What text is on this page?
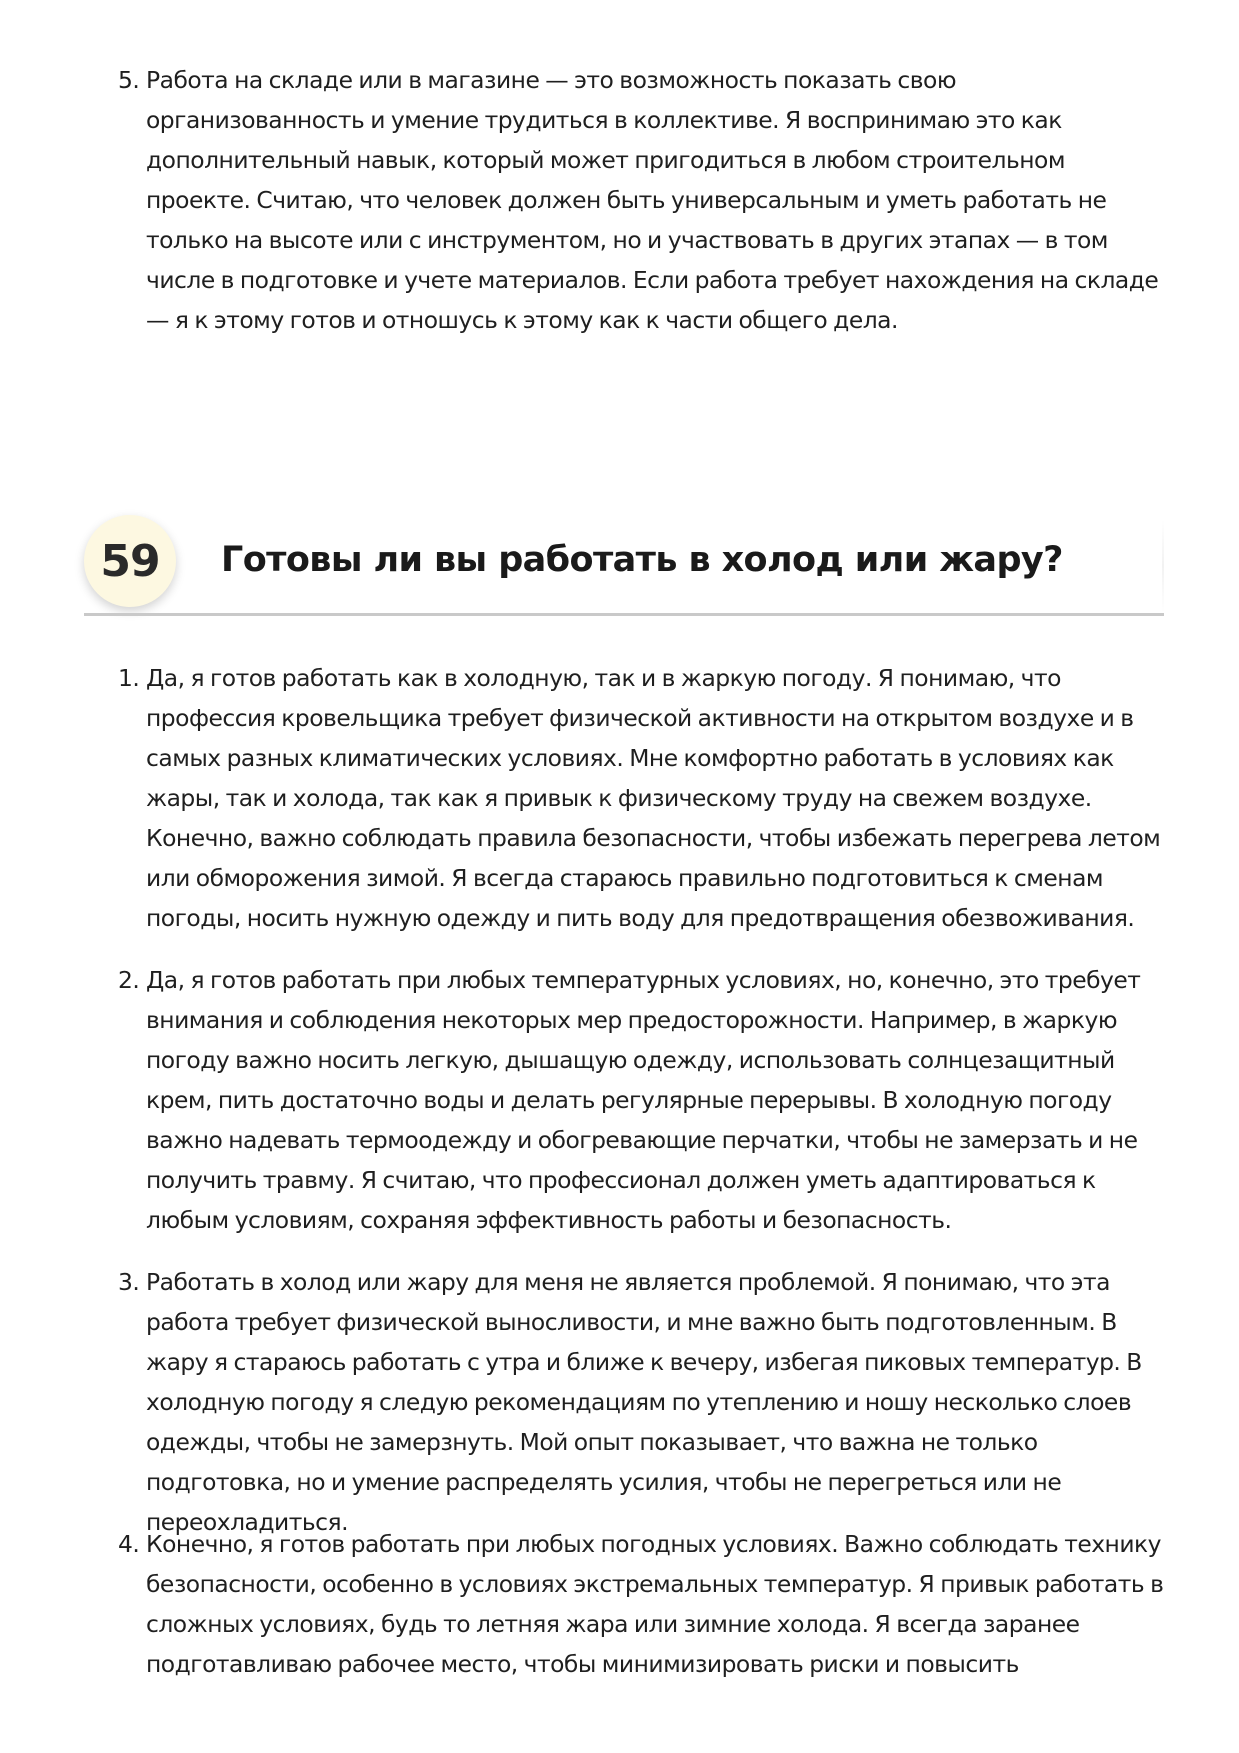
5. Работа на складе или в магазине — это возможность показать свою организованность и умение трудиться в коллективе. Я воспринимаю это как дополнительный навык, который может пригодиться в любом строительном проекте. Считаю, что человек должен быть универсальным и уметь работать не только на высоте или с инструментом, но и участвовать в других этапах — в том числе в подготовке и учете материалов. Если работа требует нахождения на складе — я к этому готов и отношусь к этому как к части общего дела.
59	Готовы ли вы работать в холод или жару?
1. Да, я готов работать как в холодную, так и в жаркую погоду. Я понимаю, что профессия кровельщика требует физической активности на открытом воздухе и в самых разных климатических условиях. Мне комфортно работать в условиях как жары, так и холода, так как я привык к физическому труду на свежем воздухе. Конечно, важно соблюдать правила безопасности, чтобы избежать перегрева летом или обморожения зимой. Я всегда стараюсь правильно подготовиться к сменам погоды, носить нужную одежду и пить воду для предотвращения обезвоживания.
2. Да, я готов работать при любых температурных условиях, но, конечно, это требует внимания и соблюдения некоторых мер предосторожности. Например, в жаркую погоду важно носить легкую, дышащую одежду, использовать солнцезащитный крем, пить достаточно воды и делать регулярные перерывы. В холодную погоду важно надевать термоодежду и обогревающие перчатки, чтобы не замерзать и не получить травму. Я считаю, что профессионал должен уметь адаптироваться к любым условиям, сохраняя эффективность работы и безопасность.
3. Работать в холод или жару для меня не является проблемой. Я понимаю, что эта работа требует физической выносливости, и мне важно быть подготовленным. В жару я стараюсь работать с утра и ближе к вечеру, избегая пиковых температур. В холодную погоду я следую рекомендациям по утеплению и ношу несколько слоев одежды, чтобы не замерзнуть. Мой опыт показывает, что важна не только подготовка, но и умение распределять усилия, чтобы не перегреться или не переохладиться.
4. Конечно, я готов работать при любых погодных условиях. Важно соблюдать технику безопасности, особенно в условиях экстремальных температур. Я привык работать в сложных условиях, будь то летняя жара или зимние холода. Я всегда заранее подготавливаю рабочее место, чтобы минимизировать риски и повысить
